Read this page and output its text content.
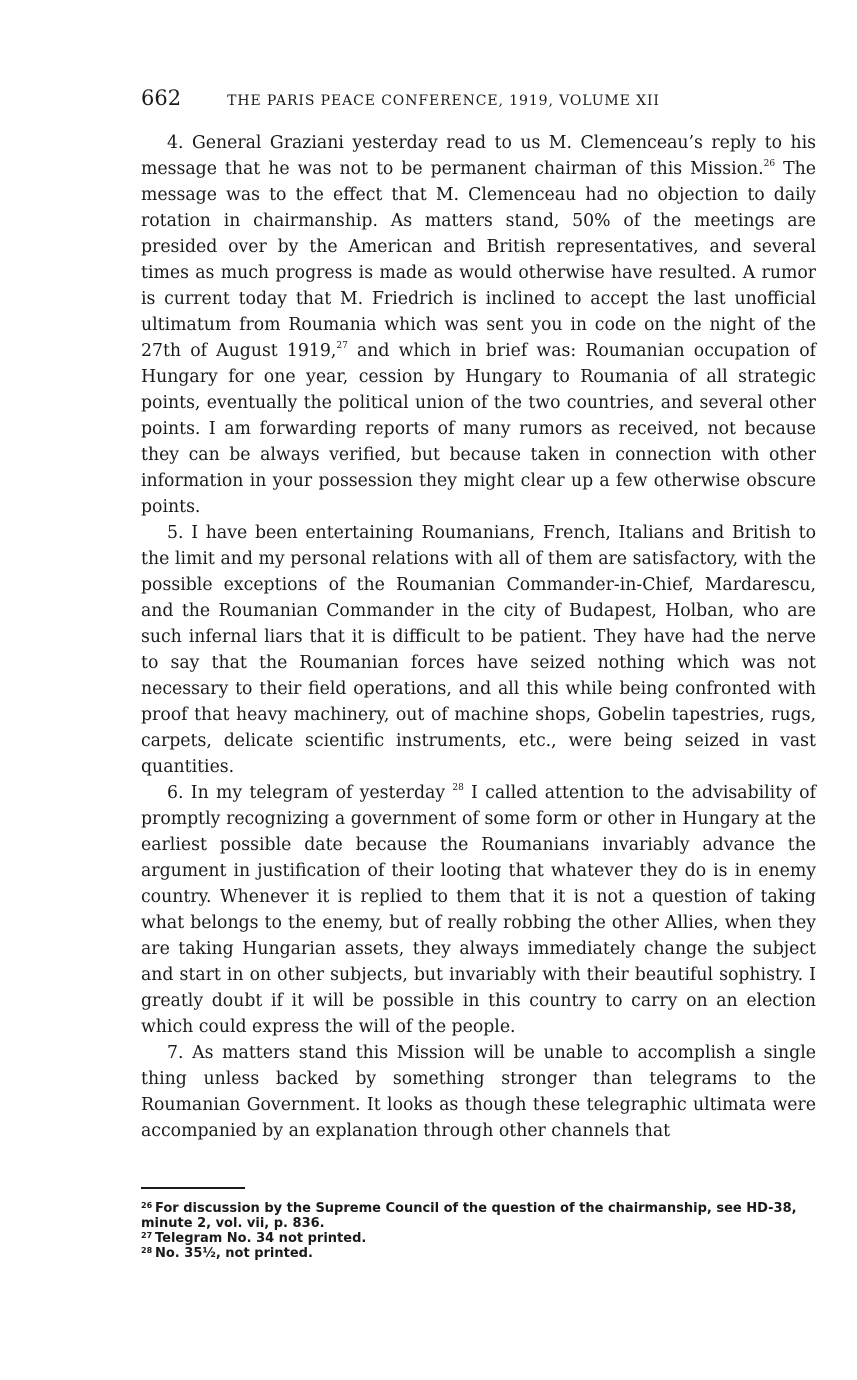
662	THE PARIS PEACE CONFERENCE, 1919, VOLUME XII

4. General Graziani yesterday read to us M. Clemenceau’s reply to his message that he was not to be permanent chairman of this Mission.$^{26}$ The message was to the effect that M. Clemenceau had no objection to daily rotation in chairmanship. As matters stand, 50% of the meetings are presided over by the American and British representatives, and several times as much progress is made as would otherwise have resulted. A rumor is current today that M. Friedrich is inclined to accept the last unofficial ultimatum from Roumania which was sent you in code on the night of the 27th of August 1919,27 and which in brief was: Roumanian occupation of Hungary for one year, cession by Hungary to Roumania of all strategic points, eventually the political union of the two countries, and several other points. I am forwarding reports of many rumors as received, not because they can be always verified, but because taken in connection with other information in your possession they might clear up a few otherwise obscure points.

5. I have been entertaining Roumanians, French, Italians and British to the limit and my personal relations with all of them are satisfactory, with the possible exceptions of the Roumanian Commander-in-Chief, Mardarescu, and the Roumanian Commander in the city of Budapest, Holban, who are such infernal liars that it is difficult to be patient. They have had the nerve to say that the Roumanian forces have seized nothing which was not necessary to their field operations, and all this while being confronted with proof that heavy machinery, out of machine shops, Gobelin tapestries, rugs, carpets, delicate scientific instruments, etc., were being seized in vast quantities.

6. In my telegram of yesterday $^{28}$ I called attention to the advisability of promptly recognizing a government of some form or other in Hungary at the earliest possible date because the Roumanians invariably advance the argument in justification of their looting that whatever they do is in enemy country. Whenever it is replied to them that it is not a question of taking what belongs to the enemy, but of really robbing the other Allies, when they are taking Hungarian assets, they always immediately change the subject and start in on other subjects, but invariably with their beautiful sophistry. I greatly doubt if it will be possible in this country to carry on an election which could express the will of the people.

7. As matters stand this Mission will be unable to accomplish a single thing unless backed by something stronger than telegrams to the Roumanian Government. It looks as though these telegraphic ultimata were accompanied by an explanation through other channels that

26 For discussion by the Supreme Council of the question of the chairmanship, see HD-38, minute 2, vol. vii, p. 836.

27 Telegram No. 34 not printed.

28 No. 35½, not printed.
